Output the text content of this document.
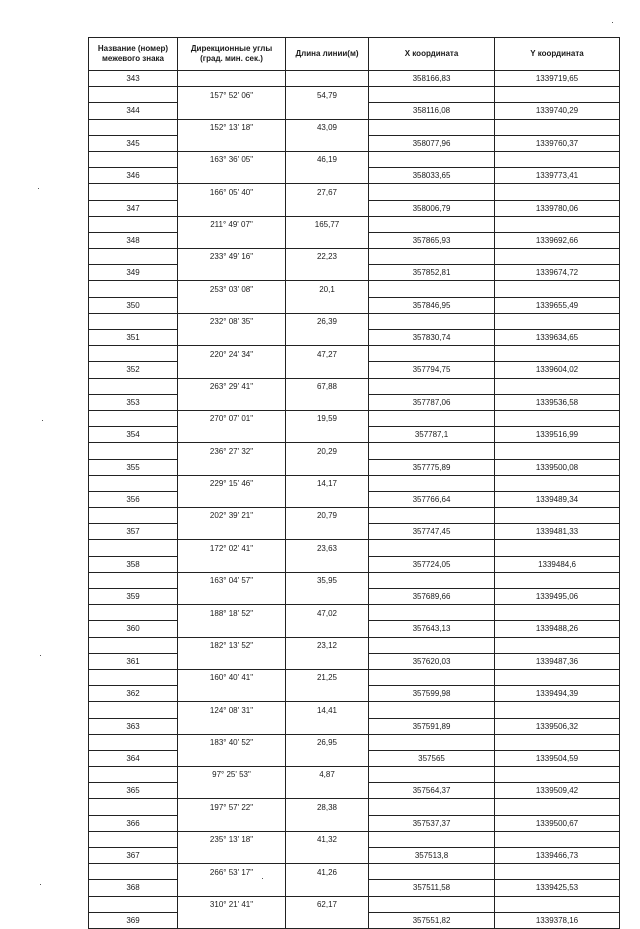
Название (номер) межевого знака	Дирекционные углы (град. мин. сек.)	Длина линии(м)	X координата	Y координата
343			358166,83	1339719,65
	157° 52' 06"	54,79		
344			358116,08	1339740,29
	152° 13' 18"	43,09		
345			358077,96	1339760,37
	163° 36' 05"	46,19		
346			358033,65	1339773,41
	166° 05' 40"	27,67		
347			358006,79	1339780,06
	211° 49' 07"	165,77		
348			357865,93	1339692,66
	233° 49' 16"	22,23		
349			357852,81	1339674,72
	253° 03' 08"	20,1		
350			357846,95	1339655,49
	232° 08' 35"	26,39		
351			357830,74	1339634,65
	220° 24' 34"	47,27		
352			357794,75	1339604,02
	263° 29' 41"	67,88		
353			357787,06	1339536,58
	270° 07' 01"	19,59		
354			357787,1	1339516,99
	236° 27' 32"	20,29		
355			357775,89	1339500,08
	229° 15' 46"	14,17		
356			357766,64	1339489,34
	202° 39' 21"	20,79		
357			357747,45	1339481,33
	172° 02' 41"	23,63		
358			357724,05	1339484,6
	163° 04' 57"	35,95		
359			357689,66	1339495,06
	188° 18' 52"	47,02		
360			357643,13	1339488,26
	182° 13' 52"	23,12		
361			357620,03	1339487,36
	160° 40' 41"	21,25		
362			357599,98	1339494,39
	124° 08' 31"	14,41		
363			357591,89	1339506,32
	183° 40' 52"	26,95		
364			357565	1339504,59
	97° 25' 53"	4,87		
365			357564,37	1339509,42
	197° 57' 22"	28,38		
366			357537,37	1339500,67
	235° 13' 18"	41,32		
367			357513,8	1339466,73
	266° 53' 17"	41,26		
368			357511,58	1339425,53
	310° 21' 41"	62,17		
369			357551,82	1339378,16
